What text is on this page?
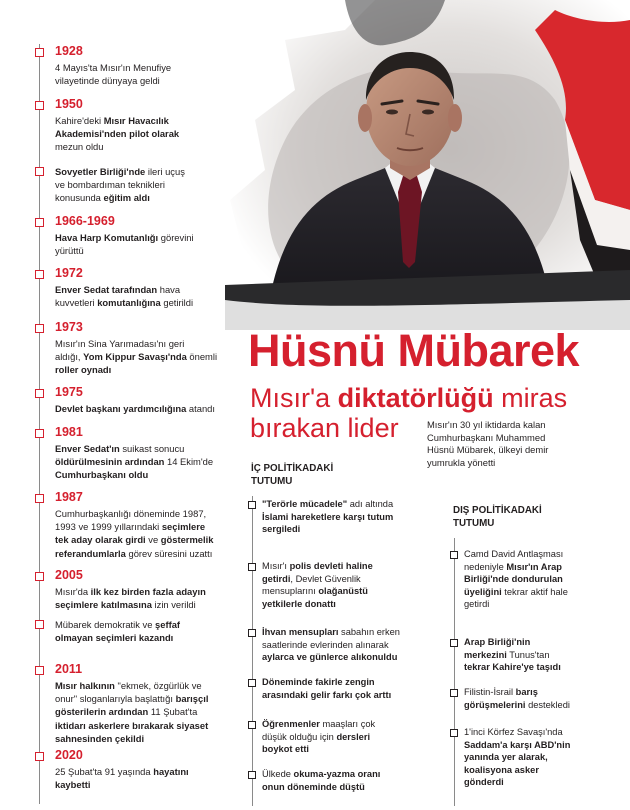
1928
4 Mayıs'ta Mısır'ın Menufiye
vilayetinde dünyaya geldi
1950
Kahire'deki Mısır Havacılık
Akademisi'nden pilot olarak
mezun oldu
Sovyetler Birliği'nde ileri uçuş
ve bombardıman teknikleri
konusunda eğitim aldı
1966-1969
Hava Harp Komutanlığı görevini
yürüttü
1972
Enver Sedat tarafından hava
kuvvetleri komutanlığına getirildi
1973
Mısır'ın Sina Yarımadası'nı geri
aldığı, Yom Kippur Savaşı'nda önemli
roller oynadı
1975
Devlet başkanı yardımcılığına atandı
1981
Enver Sedat'ın suikast sonucu
öldürülmesinin ardından 14 Ekim'de
Cumhurbaşkanı oldu
1987
Cumhurbaşkanlığı döneminde 1987,
1993 ve 1999 yıllarındaki seçimlere
tek aday olarak girdi ve göstermelik
referandumlarla görev süresini uzattı
2005
Mısır'da ilk kez birden fazla adayın
seçimlere katılmasına izin verildi
Mübarek demokratik ve şeffaf
olmayan seçimleri kazandı
2011
Mısır halkının "ekmek, özgürlük ve
onur" sloganlarıyla başlattığı barışçıl
gösterilerin ardından 11 Şubat'ta
iktidarı askerlere bırakarak siyaset
sahnesinden çekildi
2020
25 Şubat'ta 91 yaşında hayatını
kaybetti
Hüsnü Mübarek
Mısır'a diktatörlüğü miras
bırakan lider	Mısır'ın 30 yıl iktidarda kalan
Cumhurbaşkanı Muhammed
Hüsnü Mübarek, ülkeyi demir
yumrukla yönetti
İÇ POLİTİKADAKİ
TUTUMU
"Terörle mücadele" adı altında
İslami hareketlere karşı tutum
sergiledi
Mısır'ı polis devleti haline
getirdi, Devlet Güvenlik
mensuplarını olağanüstü
yetkilerle donattı
İhvan mensupları sabahın erken
saatlerinde evlerinden alınarak
aylarca ve günlerce alıkonuldu
Döneminde fakirle zengin
arasındaki gelir farkı çok arttı
Öğrenmenler maaşları çok
düşük olduğu için dersleri
boykot etti
Ülkede okuma-yazma oranı
onun döneminde düştü
DIŞ POLİTİKADAKİ
TUTUMU
Camd David Antlaşması
nedeniyle Mısır'ın Arap
Birliği'nde dondurulan
üyeliğini tekrar aktif hale
getirdi
Arap Birliği'nin
merkezini Tunus'tan
tekrar Kahire'ye taşıdı
Filistin-İsrail barış
görüşmelerini destekledi
1'inci Körfez Savaşı'nda
Saddam'a karşı ABD'nin
yanında yer alarak,
koalisyona asker
gönderdi
